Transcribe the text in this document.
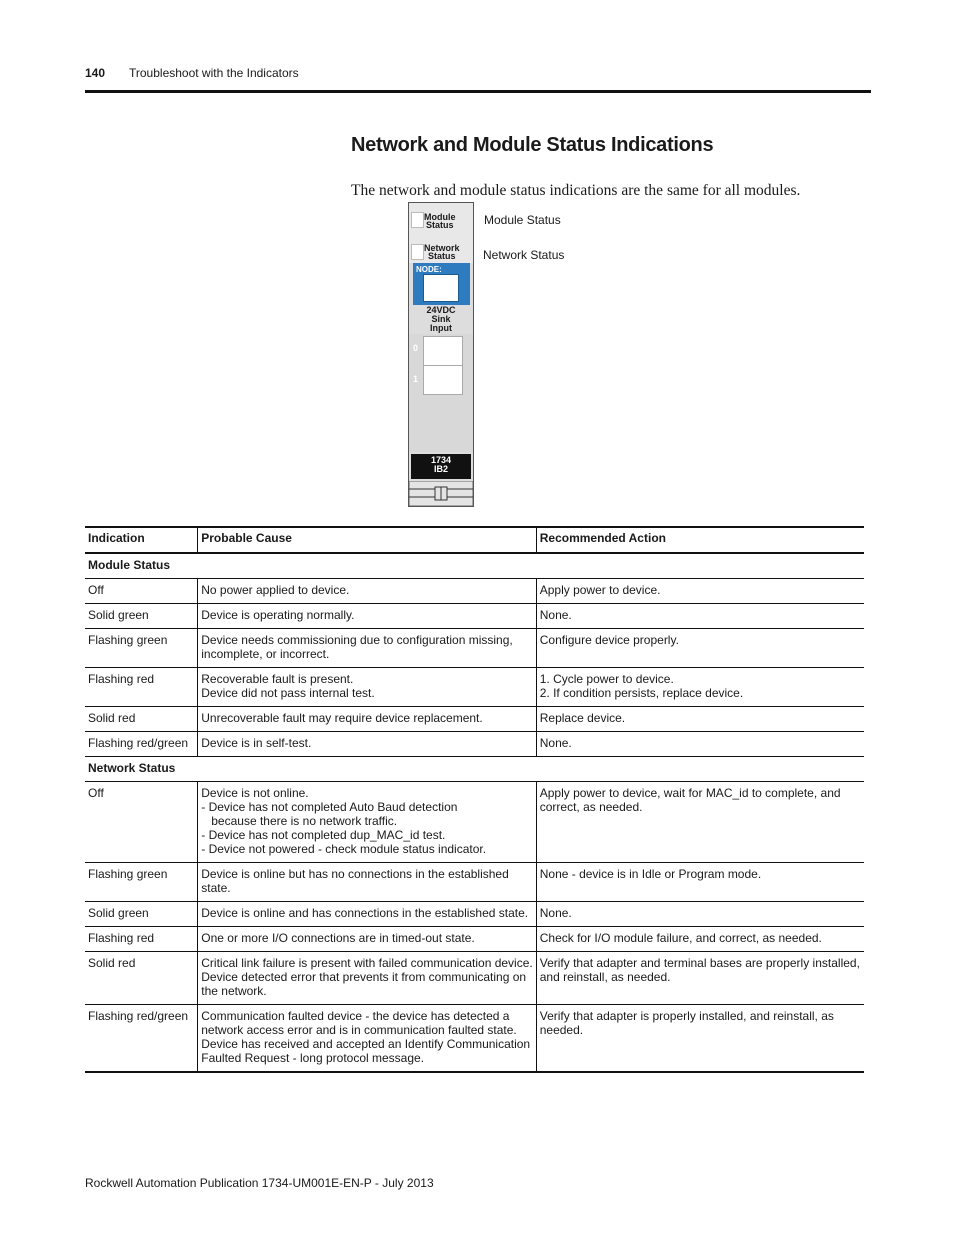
140 Troubleshoot with the Indicators
Network and Module Status Indications
The network and module status indications are the same for all modules.
Module
Status
Network
Status
NODE:
24VDC
Sink
Input
0
1
1734
IB2
Module Status
Network Status
Indication	Probable Cause	Recommended Action
Module Status		
Off	No power applied to device.	Apply power to device.

Solid green	Device is operating normally.	None.

Flashing green	Device needs commissioning due to configuration missing,
incomplete, or incorrect.	Configure device properly.

Flashing red	Recoverable fault is present.
Device did not pass internal test.	1. Cycle power to device.
2. If condition persists, replace device.

Solid red	Unrecoverable fault may require device replacement.	Replace device.

Flashing red/green	Device is in self-test.	None.

Network Status		
Off	Device is not online.
- Device has not completed Auto Baud detection
because there is no network traffic.
- Device has not completed dup_MAC_id test.
- Device not powered - check module status indicator.	Apply power to device, wait for MAC_id to complete, and
correct, as needed.

Flashing green	Device is online but has no connections in the established
state.	None - device is in Idle or Program mode.

Solid green	Device is online and has connections in the established state.	None.

Flashing red	One or more I/O connections are in timed-out state.	Check for I/O module failure, and correct, as needed.

Solid red	Critical link failure is present with failed communication device.
Device detected error that prevents it from communicating on
the network.	Verify that adapter and terminal bases are properly installed,
and reinstall, as needed.

Flashing red/green	Communication faulted device - the device has detected a
network access error and is in communication faulted state.
Device has received and accepted an Identify Communication
Faulted Request - long protocol message.	Verify that adapter is properly installed, and reinstall, as
needed.
Rockwell Automation Publication 1734-UM001E-EN-P - July 2013
